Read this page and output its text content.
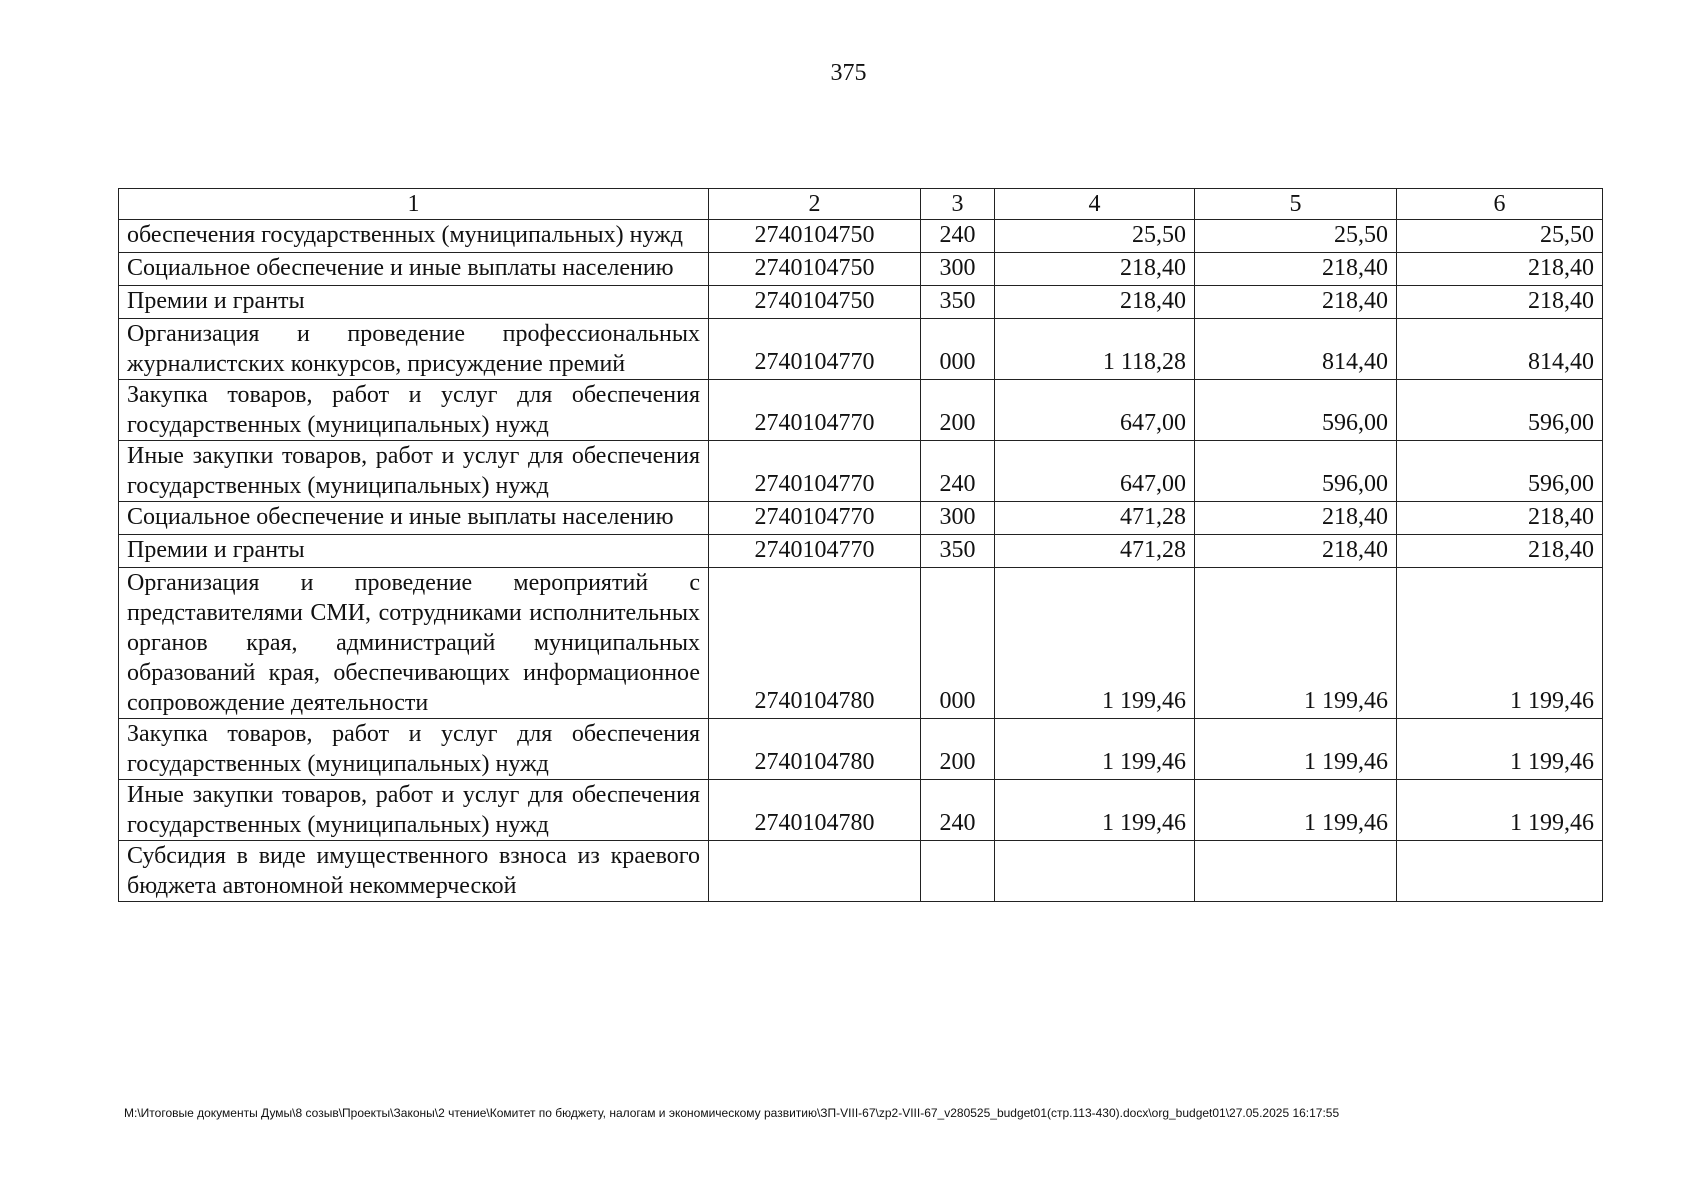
375
1	2	3	4	5	6
обеспечения государственных (муниципальных) нужд	2740104750	240	25,50	25,50	25,50
Социальное обеспечение и иные выплаты населению	2740104750	300	218,40	218,40	218,40
Премии и гранты	2740104750	350	218,40	218,40	218,40
Организация и проведение профессиональных журналистских конкурсов, присуждение премий	2740104770	000	1 118,28	814,40	814,40
Закупка товаров, работ и услуг для обеспечения государственных (муниципальных) нужд	2740104770	200	647,00	596,00	596,00
Иные закупки товаров, работ и услуг для обеспечения государственных (муниципальных) нужд	2740104770	240	647,00	596,00	596,00
Социальное обеспечение и иные выплаты населению	2740104770	300	471,28	218,40	218,40
Премии и гранты	2740104770	350	471,28	218,40	218,40
Организация и проведение мероприятий с представителями СМИ, сотрудниками исполнительных органов края, администраций муниципальных образований края, обеспечивающих информационное сопровождение деятельности	2740104780	000	1 199,46	1 199,46	1 199,46
Закупка товаров, работ и услуг для обеспечения государственных (муниципальных) нужд	2740104780	200	1 199,46	1 199,46	1 199,46
Иные закупки товаров, работ и услуг для обеспечения государственных (муниципальных) нужд	2740104780	240	1 199,46	1 199,46	1 199,46
Субсидия в виде имущественного взноса из краевого бюджета автономной некоммерческой					
M:\Итоговые документы Думы\8 созыв\Проекты\Законы\2 чтение\Комитет по бюджету, налогам и экономическому развитию\ЗП-VIII-67\zp2-VIII-67_v280525_budget01(стр.113-430).docx\org_budget01\27.05.2025 16:17:55
